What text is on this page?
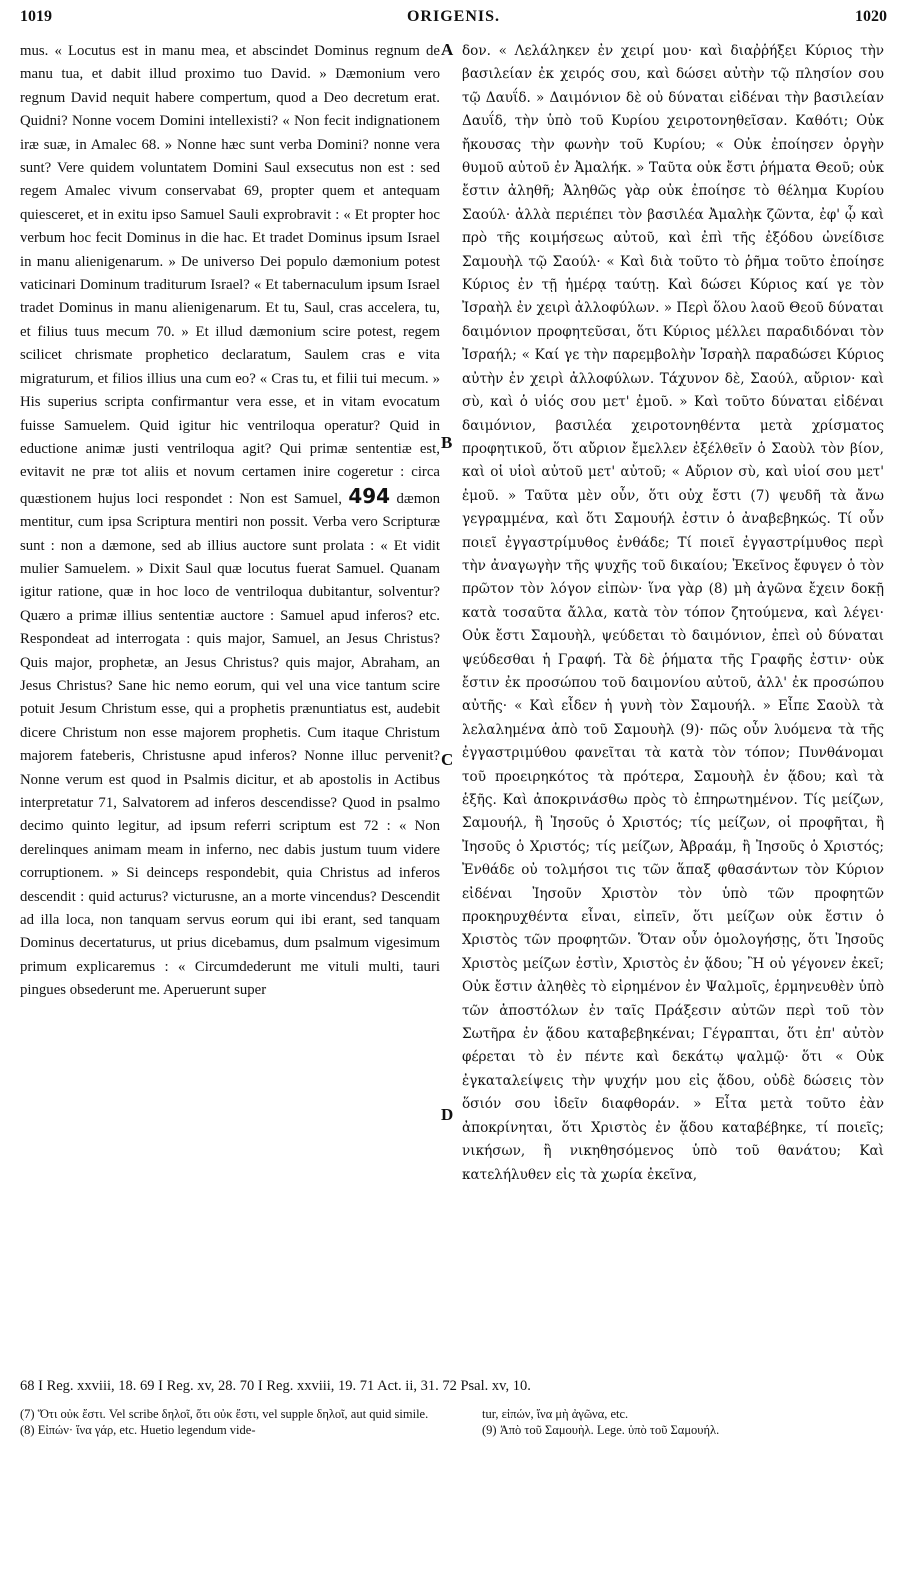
1019	ORIGENIS.	1020

mus. « Locutus est in manu mea, et abscindet Dominus regnum de manu tua, et dabit illud proximo tuo David. » Dæmonium vero regnum David nequit habere compertum, quod a Deo decretum erat. Quidni? Nonne vocem Domini intellexisti? « Non fecit indignationem iræ suæ, in Amalec 68. » Nonne hæc sunt verba Domini? nonne vera sunt? Vere quidem voluntatem Domini Saul exsecutus non est : sed regem Amalec vivum conservabat 69, propter quem et antequam quiesceret, et in exitu ipso Samuel Sauli exprobravit : « Et propter hoc verbum hoc fecit Dominus in die hac. Et tradet Dominus ipsum Israel in manu alienigenarum. » De universo Dei populo dæmonium potest vaticinari Dominum traditurum Israel? « Et tabernaculum ipsum Israel tradet Dominus in manu alienigenarum. Et tu, Saul, cras accelera, tu, et filius tuus mecum 70. » Et illud dæmonium scire potest, regem scilicet chrismate prophetico declaratum, Saulem cras e vita migraturum, et filios illius una cum eo? « Cras tu, et filii tui mecum. » His superius scripta confirmantur vera esse, et in vitam evocatum fuisse Samuelem. Quid igitur hic ventriloqua operatur? Quid in eductione animæ justi ventriloqua agit? Qui primæ sententiæ est, evitavit ne præ tot aliis et novum certamen inire cogeretur : circa quæstionem hujus loci respondet : Non est Samuel, 494 dæmon mentitur, cum ipsa Scriptura mentiri non possit. Verba vero Scripturæ sunt : non a dæmone, sed ab illius auctore sunt prolata : « Et vidit mulier Samuelem. » Dixit Saul quæ locutus fuerat Samuel. Quanam igitur ratione, quæ in hoc loco de ventriloqua dubitantur, solventur? Quæro a primæ illius sententiæ auctore : Samuel apud inferos? etc. Respondeat ad interrogata : quis major, Samuel, an Jesus Christus? Quis major, prophetæ, an Jesus Christus? quis major, Abraham, an Jesus Christus? Sane hic nemo eorum, qui vel una vice tantum scire potuit Jesum Christum esse, qui a prophetis prænuntiatus est, audebit dicere Christum non esse majorem prophetis. Cum itaque Christum majorem fateberis, Christusne apud inferos? Nonne illuc pervenit? Nonne verum est quod in Psalmis dicitur, et ab apostolis in Actibus interpretatur 71, Salvatorem ad inferos descendisse? Quod in psalmo decimo quinto legitur, ad ipsum referri scriptum est 72 : « Non derelinques animam meam in inferno, nec dabis justum tuum videre corruptionem. » Si deinceps respondebit, quia Christus ad inferos descendit : quid acturus? victurusne, an a morte vincendus? Descendit ad illa loca, non tanquam servus eorum qui ibi erant, sed tanquam Dominus decertaturus, ut prius dicebamus, dum psalmum vigesimum primum explicaremus : « Circumdederunt me vituli multi, tauri pingues obsederunt me. Aperuerunt super

A
B
C
D

δον. « Λελάληκεν ἐν χειρί μου· καὶ διαῤῥήξει Κύριος τὴν βασιλείαν ἐκ χειρός σου, καὶ δώσει αὐτὴν τῷ πλησίον σου τῷ Δαυΐδ. » Δαιμόνιον δὲ οὐ δύναται εἰδέναι τὴν βασιλείαν Δαυΐδ, τὴν ὑπὸ τοῦ Κυρίου χειροτονηθεῖσαν. Καθότι; Οὐκ ἤκουσας τὴν φωνὴν τοῦ Κυρίου; « Οὐκ ἐποίησεν ὀργὴν θυμοῦ αὐτοῦ ἐν Ἀμαλήκ. » Ταῦτα οὐκ ἔστι ῥήματα Θεοῦ; οὐκ ἔστιν ἀληθῆ; Ἀληθῶς γὰρ οὐκ ἐποίησε τὸ θέλημα Κυρίου Σαούλ· ἀλλὰ περιέπει τὸν βασιλέα Ἀμαλὴκ ζῶντα, ἐφ' ᾧ καὶ πρὸ τῆς κοιμήσεως αὐτοῦ, καὶ ἐπὶ τῆς ἐξόδου ὠνείδισε Σαμουὴλ τῷ Σαούλ· « Καὶ διὰ τοῦτο τὸ ῥῆμα τοῦτο ἐποίησε Κύριος ἐν τῇ ἡμέρᾳ ταύτῃ. Καὶ δώσει Κύριος καί γε τὸν Ἰσραὴλ ἐν χειρὶ ἀλλοφύλων. » Περὶ ὅλου λαοῦ Θεοῦ δύναται δαιμόνιον προφητεῦσαι, ὅτι Κύριος μέλλει παραδιδόναι τὸν Ἰσραήλ; « Καί γε τὴν παρεμβολὴν Ἰσραὴλ παραδώσει Κύριος αὐτὴν ἐν χειρὶ ἀλλοφύλων. Τάχυνον δὲ, Σαούλ, αὔριον· καὶ σὺ, καὶ ὁ υἱός σου μετ' ἐμοῦ. » Καὶ τοῦτο δύναται εἰδέναι δαιμόνιον, βασιλέα χειροτονηθέντα μετὰ χρίσματος προφητικοῦ, ὅτι αὔριον ἔμελλεν ἐξέλθεῖν ὁ Σαοὺλ τὸν βίον, καὶ οἱ υἱοὶ αὐτοῦ μετ' αὐτοῦ; « Αὔριον σὺ, καὶ υἱοί σου μετ' ἐμοῦ. » Ταῦτα μὲν οὖν, ὅτι οὐχ ἔστι (7) ψευδῆ τὰ ἄνω γεγραμμένα, καὶ ὅτι Σαμουήλ ἐστιν ὁ ἀναβεβηκώς. Τί οὖν ποιεῖ ἐγγαστρίμυθος ἐνθάδε; Τί ποιεῖ ἐγγαστρίμυθος περὶ τὴν ἀναγωγὴν τῆς ψυχῆς τοῦ δικαίου; Ἐκεῖνος ἔφυγεν ὁ τὸν πρῶτον τὸν λόγον εἰπὼν· ἵνα γὰρ (8) μὴ ἀγῶνα ἔχειν δοκῇ κατὰ τοσαῦτα ἄλλα, κατὰ τὸν τόπον ζητούμενα, καὶ λέγει· Οὐκ ἔστι Σαμουὴλ, ψεύδεται τὸ δαιμόνιον, ἐπεὶ οὐ δύναται ψεύδεσθαι ἡ Γραφή. Τὰ δὲ ῥήματα τῆς Γραφῆς ἐστιν· οὐκ ἔστιν ἐκ προσώπου τοῦ δαιμονίου αὐτοῦ, ἀλλ' ἐκ προσώπου αὐτῆς· « Καὶ εἶδεν ἡ γυνὴ τὸν Σαμουήλ. » Εἶπε Σαοὺλ τὰ λελαλημένα ἀπὸ τοῦ Σαμουὴλ (9)· πῶς οὖν λυόμενα τὰ τῆς ἐγγαστριμύθου φανεῖται τὰ κατὰ τὸν τόπον; Πυνθάνομαι τοῦ προειρηκότος τὰ πρότερα, Σαμουὴλ ἐν ᾅδου; καὶ τὰ ἑξῆς. Καὶ ἀποκρινάσθω πρὸς τὸ ἐπηρωτημένον. Τίς μείζων, Σαμουήλ, ἢ Ἰησοῦς ὁ Χριστός; τίς μείζων, οἱ προφῆται, ἢ Ἰησοῦς ὁ Χριστός; τίς μείζων, Ἀβραάμ, ἢ Ἰησοῦς ὁ Χριστός; Ἐνθάδε οὐ τολμήσοι τις τῶν ἅπαξ φθασάντων τὸν Κύριον εἰδέναι Ἰησοῦν Χριστὸν τὸν ὑπὸ τῶν προφητῶν προκηρυχθέντα εἶναι, εἰπεῖν, ὅτι μείζων οὐκ ἔστιν ὁ Χριστὸς τῶν προφητῶν. Ὅταν οὖν ὁμολογήσῃς, ὅτι Ἰησοῦς Χριστὸς μείζων ἐστὶν, Χριστὸς ἐν ᾅδου; Ἢ οὐ γέγονεν ἐκεῖ; Οὐκ ἔστιν ἀληθὲς τὸ εἰρημένον ἐν Ψαλμοῖς, ἑρμηνευθὲν ὑπὸ τῶν ἀποστόλων ἐν ταῖς Πράξεσιν αὐτῶν περὶ τοῦ τὸν Σωτῆρα ἐν ᾅδου καταβεβηκέναι; Γέγραπται, ὅτι ἐπ' αὐτὸν φέρεται τὸ ἐν πέντε καὶ δεκάτῳ ψαλμῷ· ὅτι « Οὐκ ἐγκαταλείψεις τὴν ψυχήν μου εἰς ᾅδου, οὐδὲ δώσεις τὸν ὅσιόν σου ἰδεῖν διαφθοράν. » Εἶτα μετὰ τοῦτο ἐὰν ἀποκρίνηται, ὅτι Χριστὸς ἐν ᾅδου καταβέβηκε, τί ποιεῖς; νικήσων, ἢ νικηθησόμενος ὑπὸ τοῦ θανάτου; Καὶ κατελήλυθεν εἰς τὰ χωρία ἐκεῖνα,

68 I Reg. xxviii, 18. 69 I Reg. xv, 28. 70 I Reg. xxviii, 19. 71 Act. ii, 31. 72 Psal. xv, 10.

(7) Ὅτι οὐκ ἔστι. Vel scribe δηλοῖ, ὅτι οὐκ ἔστι, vel supple δηλοῖ, aut quid simile.

(8) Εἰπών· ἵνα γάρ, etc. Huetio legendum vide-

tur, εἰπών, ἵνα μὴ ἀγῶνα, etc.

(9) Ἀπὸ τοῦ Σαμουὴλ. Lege. ὑπὸ τοῦ Σαμουήλ.
